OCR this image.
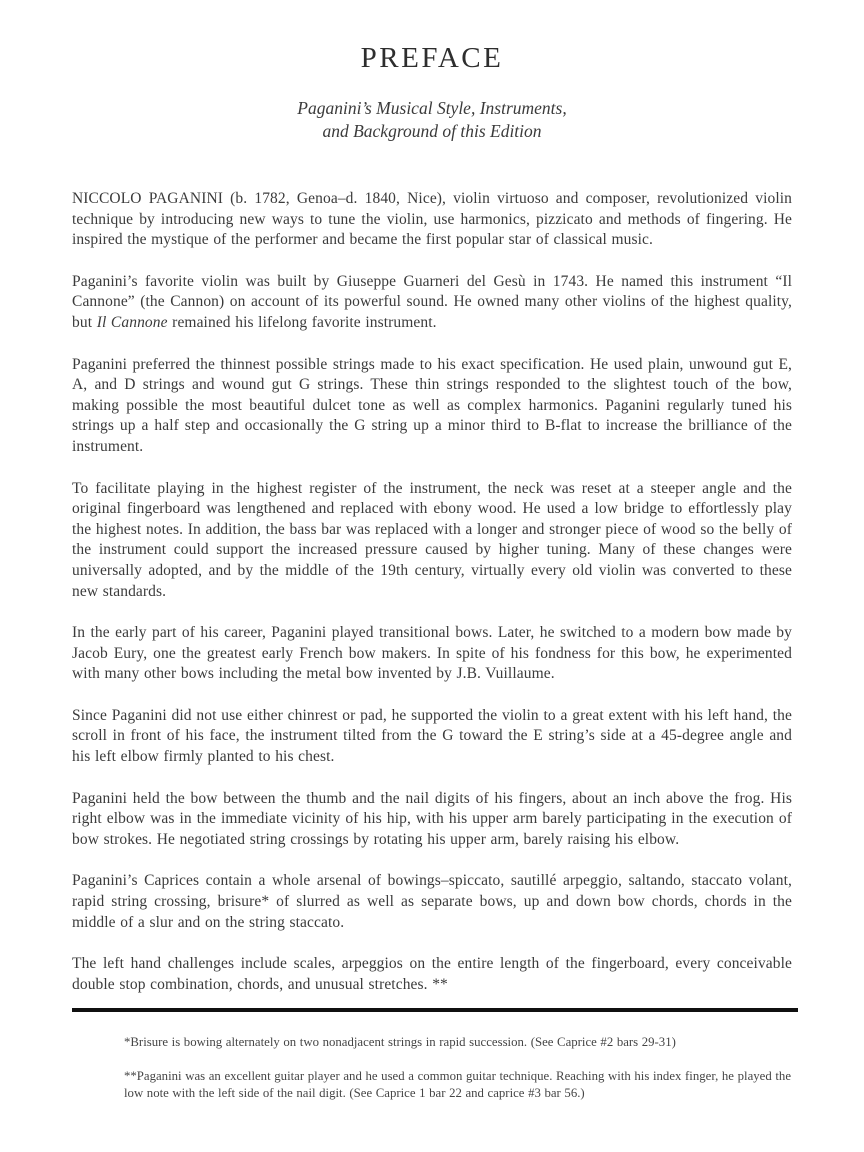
PREFACE
Paganini’s Musical Style, Instruments,
and Background of this Edition

NICCOLO PAGANINI (b. 1782, Genoa–d. 1840, Nice), violin virtuoso and composer, revolutionized violin technique by introducing new ways to tune the violin, use harmonics, pizzicato and methods of fingering. He inspired the mystique of the performer and became the first popular star of classical music.

Paganini’s favorite violin was built by Giuseppe Guarneri del Gesù in 1743. He named this instrument “Il Cannone” (the Cannon) on account of its powerful sound. He owned many other violins of the highest quality, but Il Cannone remained his lifelong favorite instrument.

Paganini preferred the thinnest possible strings made to his exact specification. He used plain, unwound gut E, A, and D strings and wound gut G strings. These thin strings responded to the slightest touch of the bow, making possible the most beautiful dulcet tone as well as complex harmonics. Paganini regularly tuned his strings up a half step and occasionally the G string up a minor third to B-flat to increase the brilliance of the instrument.

To facilitate playing in the highest register of the instrument, the neck was reset at a steeper angle and the original fingerboard was lengthened and replaced with ebony wood. He used a low bridge to effortlessly play the highest notes. In addition, the bass bar was replaced with a longer and stronger piece of wood so the belly of the instrument could support the increased pressure caused by higher tuning. Many of these changes were universally adopted, and by the middle of the 19th century, virtually every old violin was converted to these new standards.

In the early part of his career, Paganini played transitional bows. Later, he switched to a modern bow made by Jacob Eury, one the greatest early French bow makers. In spite of his fondness for this bow, he experimented with many other bows including the metal bow invented by J.B. Vuillaume.

Since Paganini did not use either chinrest or pad, he supported the violin to a great extent with his left hand, the scroll in front of his face, the instrument tilted from the G toward the E string’s side at a 45-degree angle and his left elbow firmly planted to his chest.

Paganini held the bow between the thumb and the nail digits of his fingers, about an inch above the frog. His right elbow was in the immediate vicinity of his hip, with his upper arm barely participating in the execution of bow strokes. He negotiated string crossings by rotating his upper arm, barely raising his elbow.

Paganini’s Caprices contain a whole arsenal of bowings–spiccato, sautillé arpeggio, saltando, staccato volant, rapid string crossing, brisure* of slurred as well as separate bows, up and down bow chords, chords in the middle of a slur and on the string staccato.

The left hand challenges include scales, arpeggios on the entire length of the fingerboard, every conceivable double stop combination, chords, and unusual stretches. **

*Brisure is bowing alternately on two nonadjacent strings in rapid succession. (See Caprice #2 bars 29-31)

**Paganini was an excellent guitar player and he used a common guitar technique. Reaching with his index finger, he played the low note with the left side of the nail digit. (See Caprice 1 bar 22 and caprice #3 bar 56.)
